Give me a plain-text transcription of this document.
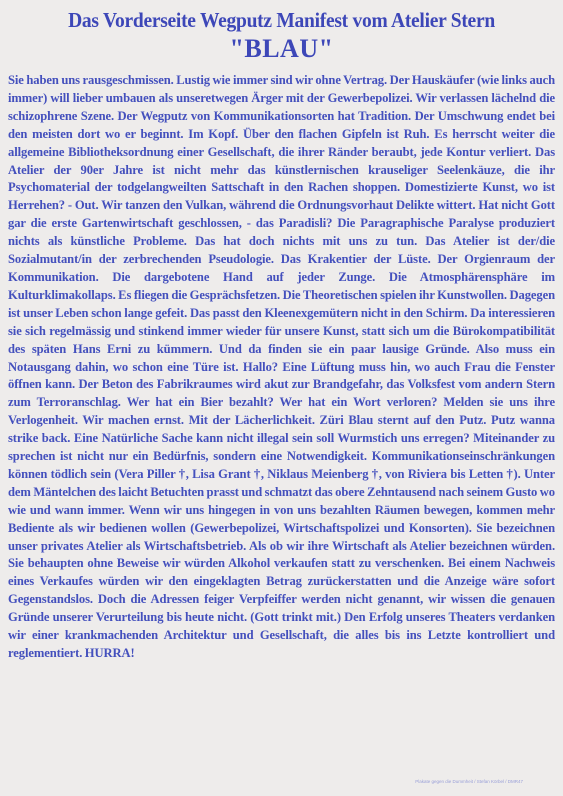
Das Vorderseite Wegputz Manifest vom Atelier Stern
"BLAU"

Sie haben uns rausgeschmissen. Lustig wie immer sind wir ohne Vertrag. Der Hauskäufer (wie links auch immer) will lieber umbauen als unseretwegen Ärger mit der Gewerbepolizei. Wir verlassen lächelnd die schizophrene Szene. Der Wegputz von Kommunikationsorten hat Tradition. Der Umschwung endet bei den meisten dort wo er beginnt. Im Kopf. Über den flachen Gipfeln ist Ruh. Es herrscht weiter die allgemeine Bibliotheksordnung einer Gesellschaft, die ihrer Ränder beraubt, jede Kontur verliert. Das Atelier der 90er Jahre ist nicht mehr das künstlernischen krauseliger Seelenkäuze, die ihr Psychomaterial der todgelangweilten Sattschaft in den Rachen shoppen. Domestizierte Kunst, wo ist Herrehen? - Out. Wir tanzen den Vulkan, während die Ordnungsvorhaut Delikte wittert. Hat nicht Gott gar die erste Gartenwirtschaft geschlossen, - das Paradisli? Die Paragraphische Paralyse produziert nichts als künstliche Probleme. Das hat doch nichts mit uns zu tun. Das Atelier ist der/die Sozialmutant/in der zerbrechenden Pseudologie. Das Krakentier der Lüste. Der Orgienraum der Kommunikation. Die dargebotene Hand auf jeder Zunge. Die Atmosphärensphäre im Kulturklimakollaps. Es fliegen die Gesprächsfetzen. Die Theoretischen spielen ihr Kunstwollen. Dagegen ist unser Leben schon lange gefeit. Das passt den Kleenexgemütern nicht in den Schirm. Da interessieren sie sich regelmässig und stinkend immer wieder für unsere Kunst, statt sich um die Bürokompatibilität des späten Hans Erni zu kümmern. Und da finden sie ein paar lausige Gründe. Also muss ein Notausgang dahin, wo schon eine Türe ist. Hallo? Eine Lüftung muss hin, wo auch Frau die Fenster öffnen kann. Der Beton des Fabrikraumes wird akut zur Brandgefahr, das Volksfest vom andern Stern zum Terroranschlag. Wer hat ein Bier bezahlt? Wer hat ein Wort verloren? Melden sie uns ihre Verlogenheit. Wir machen ernst. Mit der Lächerlichkeit. Züri Blau sternt auf den Putz. Putz wanna strike back. Eine Natürliche Sache kann nicht illegal sein soll Wurmstich uns erregen? Miteinander zu sprechen ist nicht nur ein Bedürfnis, sondern eine Notwendigkeit. Kommunikationseinschränkungen können tödlich sein (Vera Piller †, Lisa Grant †, Niklaus Meienberg †, von Riviera bis Letten †). Unter dem Mäntelchen des laicht Betuchten prasst und schmatzt das obere Zehntausend nach seinem Gusto wo wie und wann immer. Wenn wir uns hingegen in von uns bezahlten Räumen bewegen, kommen mehr Bediente als wir bedienen wollen (Gewerbepolizei, Wirtschaftspolizei und Konsorten). Sie bezeichnen unser privates Atelier als Wirtschaftsbetrieb. Als ob wir ihre Wirtschaft als Atelier bezeichnen würden. Sie behaupten ohne Beweise wir würden Alkohol verkaufen statt zu verschenken. Bei einem Nachweis eines Verkaufes würden wir den eingeklagten Betrag zurückerstatten und die Anzeige wäre sofort Gegenstandslos. Doch die Adressen feiger Verpfeiffer werden nicht genannt, wir wissen die genauen Gründe unserer Verurteilung bis heute nicht. (Gott trinkt mit.) Den Erfolg unseres Theaters verdanken wir einer krankmachenden Architektur und Gesellschaft, die alles bis ins Letzte kontrolliert und reglementiert. HURRA!

Plakate gegen die Dummheit / Stefan Körbel / DMR47
